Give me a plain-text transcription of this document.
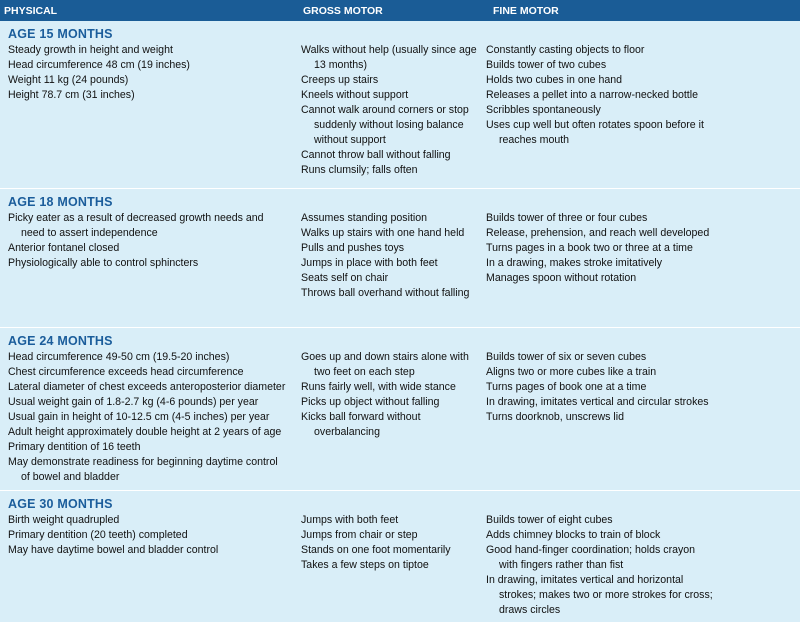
PHYSICAL	GROSS MOTOR	FINE MOTOR
AGE 15 MONTHS
Steady growth in height and weight
Head circumference 48 cm (19 inches)
Weight 11 kg (24 pounds)
Height 78.7 cm (31 inches)
Walks without help (usually since age
13 months)
Creeps up stairs
Kneels without support
Cannot walk around corners or stop
suddenly without losing balance
without support
Cannot throw ball without falling
Runs clumsily; falls often
Constantly casting objects to floor
Builds tower of two cubes
Holds two cubes in one hand
Releases a pellet into a narrow-necked bottle
Scribbles spontaneously
Uses cup well but often rotates spoon before it
reaches mouth
AGE 18 MONTHS
Picky eater as a result of decreased growth needs and
need to assert independence
Anterior fontanel closed
Physiologically able to control sphincters
Assumes standing position
Walks up stairs with one hand held
Pulls and pushes toys
Jumps in place with both feet
Seats self on chair
Throws ball overhand without falling
Builds tower of three or four cubes
Release, prehension, and reach well developed
Turns pages in a book two or three at a time
In a drawing, makes stroke imitatively
Manages spoon without rotation
AGE 24 MONTHS
Head circumference 49-50 cm (19.5-20 inches)
Chest circumference exceeds head circumference
Lateral diameter of chest exceeds anteroposterior diameter
Usual weight gain of 1.8-2.7 kg (4-6 pounds) per year
Usual gain in height of 10-12.5 cm (4-5 inches) per year
Adult height approximately double height at 2 years of age
Primary dentition of 16 teeth
May demonstrate readiness for beginning daytime control
of bowel and bladder
Goes up and down stairs alone with
two feet on each step
Runs fairly well, with wide stance
Picks up object without falling
Kicks ball forward without
overbalancing
Builds tower of six or seven cubes
Aligns two or more cubes like a train
Turns pages of book one at a time
In drawing, imitates vertical and circular strokes
Turns doorknob, unscrews lid
AGE 30 MONTHS
Birth weight quadrupled
Primary dentition (20 teeth) completed
May have daytime bowel and bladder control
Jumps with both feet
Jumps from chair or step
Stands on one foot momentarily
Takes a few steps on tiptoe
Builds tower of eight cubes
Adds chimney blocks to train of block
Good hand-finger coordination; holds crayon
with fingers rather than fist
In drawing, imitates vertical and horizontal
strokes; makes two or more strokes for cross;
draws circles
